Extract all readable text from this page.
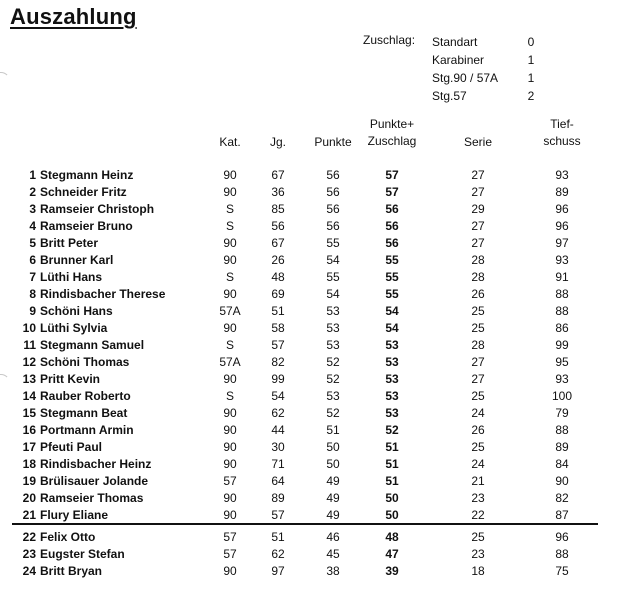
Auszahlung
Zuschlag: Standart	0
Karabiner	1
Stg.90 / 57A	1
Stg.57	2
Kat.	Jg.	Punkte
Punkte+
Zuschlag	Serie
Tief-
schuss
1 Stegmann Heinz	90	67	56	57	27	93
2 Schneider Fritz	90	36	56	57	27	89
3 Ramseier Christoph	S	85	56	56	29	96
4 Ramseier Bruno	S	56	56	56	27	96
5 Britt Peter	90	67	55	56	27	97
6 Brunner Karl	90	26	54	55	28	93
7 Lüthi Hans	S	48	55	55	28	91
8 Rindisbacher Therese	90	69	54	55	26	88
9 Schöni Hans	57A	51	53	54	25	88
10 Lüthi Sylvia	90	58	53	54	25	86
11 Stegmann Samuel	S	57	53	53	28	99
12 Schöni Thomas	57A	82	52	53	27	95
13 Pritt Kevin	90	99	52	53	27	93
14 Rauber Roberto	S	54	53	53	25	100
15 Stegmann Beat	90	62	52	53	24	79
16 Portmann Armin	90	44	51	52	26	88
17 Pfeuti Paul	90	30	50	51	25	89
18 Rindisbacher Heinz	90	71	50	51	24	84
19 Brülisauer Jolande	57	64	49	51	21	90
20 Ramseier Thomas	90	89	49	50	23	82
21 Flury Eliane	90	57	49	50	22	87
22 Felix Otto	57	51	46	48	25	96
23 Eugster Stefan	57	62	45	47	23	88
24 Britt Bryan	90	97	38	39	18	75
